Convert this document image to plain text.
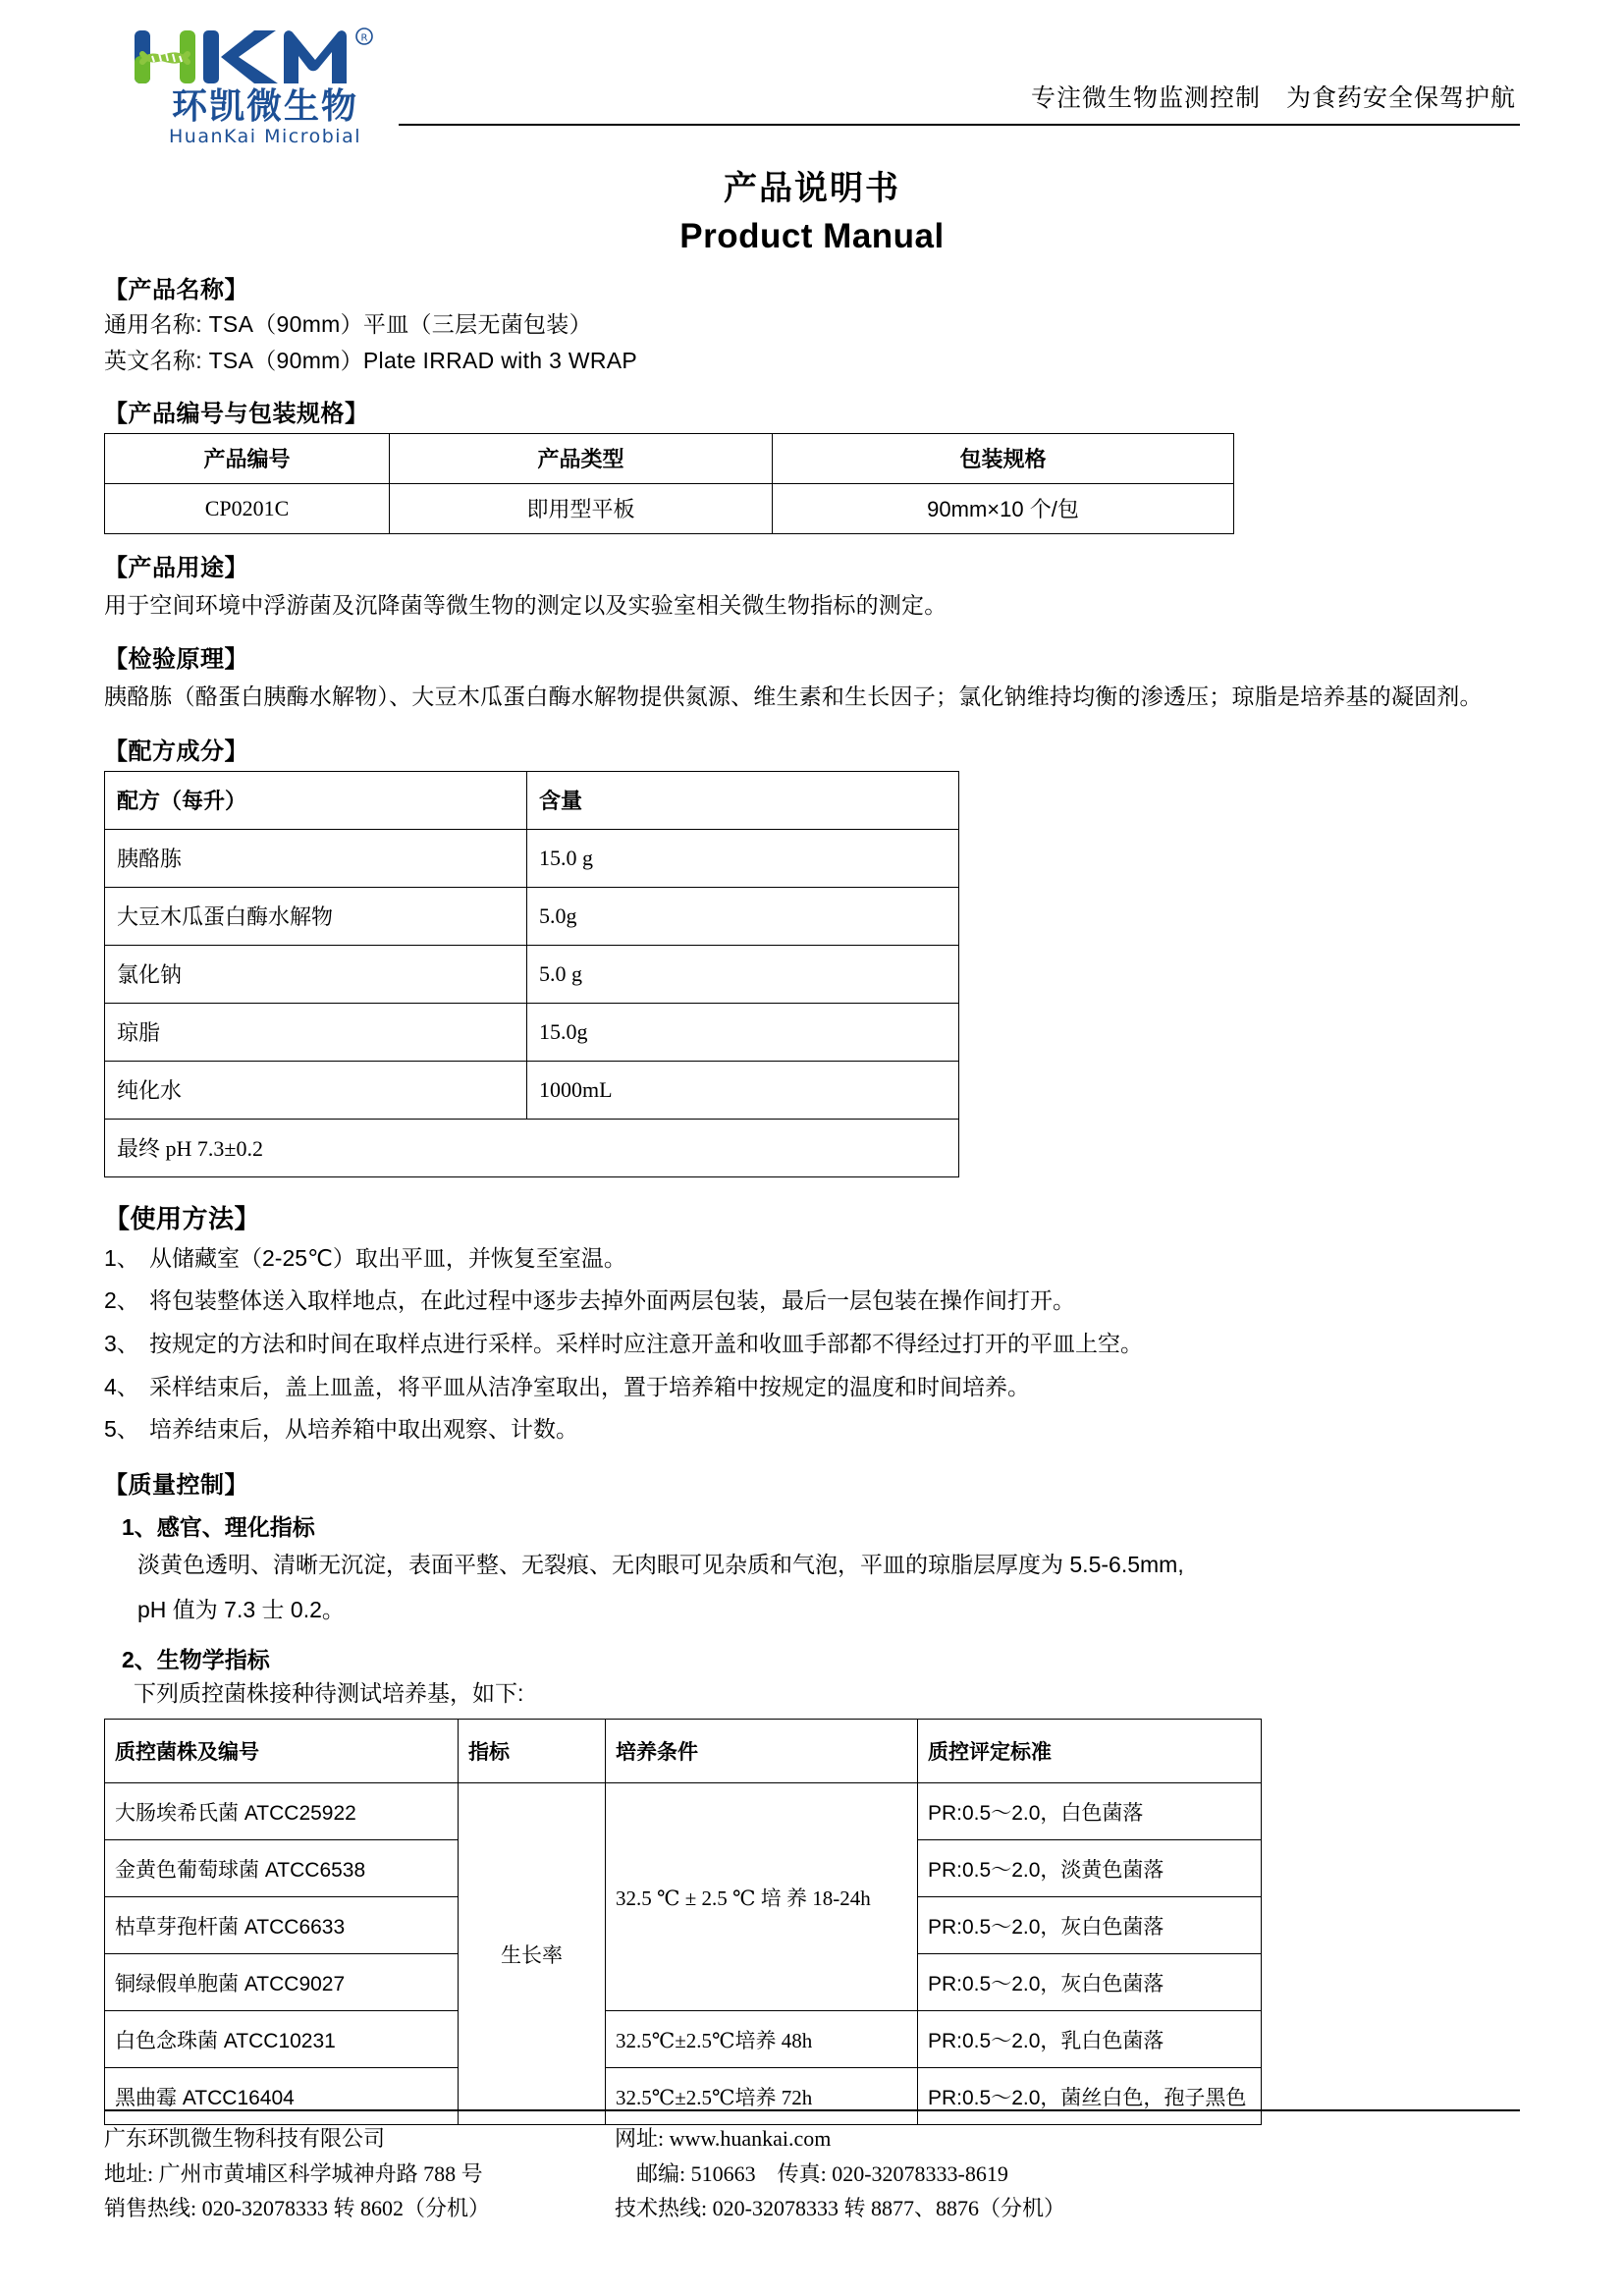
R
环凯微生物
HuanKai Microbial
专注微生物监测控制　为食药安全保驾护航
产品说明书
Product Manual
【产品名称】
通用名称: TSA（90mm）平皿（三层无菌包装）
英文名称: TSA（90mm）Plate IRRAD with 3 WRAP
【产品编号与包装规格】
产品编号	产品类型	包装规格
CP0201C	即用型平板	90mm×10 个/包
【产品用途】
用于空间环境中浮游菌及沉降菌等微生物的测定以及实验室相关微生物指标的测定。
【检验原理】
胰酪胨（酪蛋白胰酶水解物）、大豆木瓜蛋白酶水解物提供氮源、维生素和生长因子；氯化钠维持均衡的渗透压；琼脂是培养基的凝固剂。
【配方成分】
配方（每升）	含量
胰酪胨	15.0 g
大豆木瓜蛋白酶水解物	5.0g
氯化钠	5.0 g
琼脂	15.0g
纯化水	1000mL
最终 pH 7.3±0.2	
【使用方法】
1、 从储藏室（2-25℃）取出平皿，并恢复至室温。
2、 将包装整体送入取样地点，在此过程中逐步去掉外面两层包装，最后一层包装在操作间打开。
3、 按规定的方法和时间在取样点进行采样。采样时应注意开盖和收皿手部都不得经过打开的平皿上空。
4、 采样结束后，盖上皿盖，将平皿从洁净室取出，置于培养箱中按规定的温度和时间培养。
5、 培养结束后，从培养箱中取出观察、计数。
【质量控制】
1、感官、理化指标
淡黄色透明、清晰无沉淀，表面平整、无裂痕、无肉眼可见杂质和气泡，平皿的琼脂层厚度为 5.5-6.5mm,
pH 值为 7.3 士 0.2。
2、生物学指标
下列质控菌株接种待测试培养基，如下:
质控菌株及编号	指标	培养条件	质控评定标准
大肠埃希氏菌 ATCC25922	生长率	32.5 ℃ ± 2.5 ℃ 培 养 18-24h	PR:0.5～2.0，白色菌落
金黄色葡萄球菌 ATCC6538			PR:0.5～2.0，淡黄色菌落
枯草芽孢杆菌 ATCC6633			PR:0.5～2.0，灰白色菌落
铜绿假单胞菌 ATCC9027			PR:0.5～2.0，灰白色菌落
白色念珠菌 ATCC10231		32.5℃±2.5℃培养 48h	PR:0.5～2.0，乳白色菌落
黑曲霉 ATCC16404		32.5℃±2.5℃培养 72h	PR:0.5～2.0，菌丝白色，孢子黑色
广东环凯微生物科技有限公司
地址: 广州市黄埔区科学城神舟路 788 号
销售热线: 020-32078333 转 8602（分机）
网址: www.huankai.com
　邮编: 510663　传真: 020-32078333-8619
技术热线: 020-32078333 转 8877、8876（分机）
